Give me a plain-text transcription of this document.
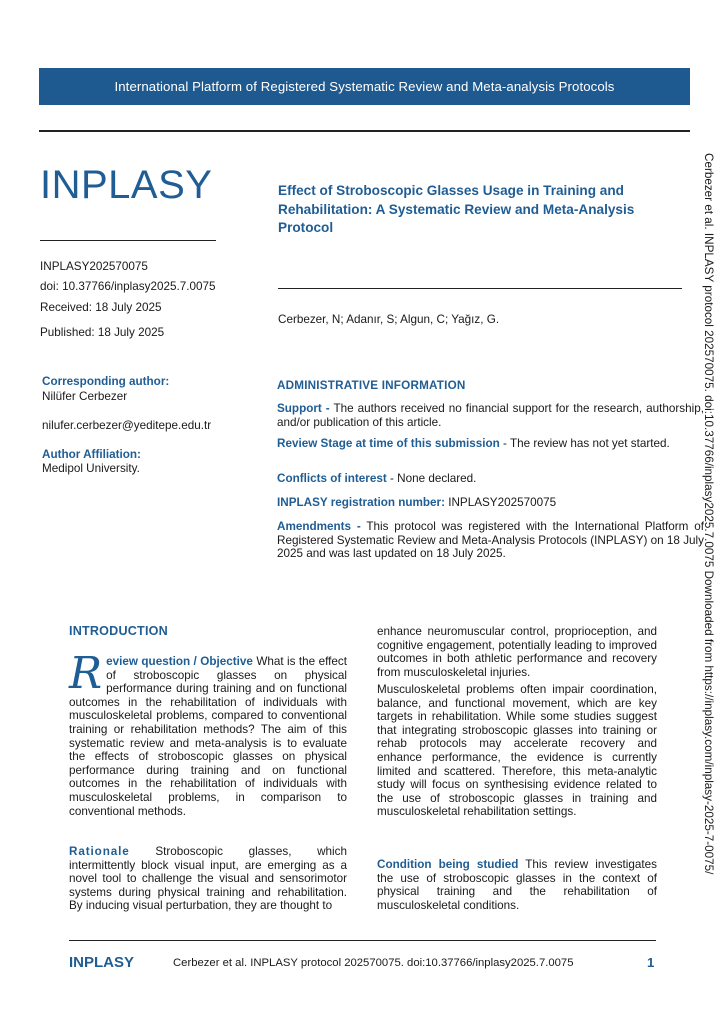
International Platform of Registered Systematic Review and Meta-analysis Protocols
INPLASY
INPLASY202570075
doi: 10.37766/inplasy2025.7.0075
Received: 18 July 2025
Published: 18 July 2025
Effect of Stroboscopic Glasses Usage in Training and Rehabilitation: A Systematic Review and Meta-Analysis Protocol
Cerbezer, N; Adanır, S; Algun, C; Yağız, G.
Corresponding author:
Nilüfer Cerbezer
nilufer.cerbezer@yeditepe.edu.tr
Author Affiliation:
Medipol University.
ADMINISTRATIVE INFORMATION
Support - The authors received no financial support for the research, authorship, and/or publication of this article.
Review Stage at time of this submission - The review has not yet started.
Conflicts of interest - None declared.
INPLASY registration number: INPLASY202570075
Amendments - This protocol was registered with the International Platform of Registered Systematic Review and Meta-Analysis Protocols (INPLASY) on 18 July 2025 and was last updated on 18 July 2025.
INTRODUCTION
Review question / Objective What is the effect of stroboscopic glasses on physical performance during training and on functional outcomes in the rehabilitation of individuals with musculoskeletal problems, compared to conventional training or rehabilitation methods? The aim of this systematic review and meta-analysis is to evaluate the effects of stroboscopic glasses on physical performance during training and on functional outcomes in the rehabilitation of individuals with musculoskeletal problems, in comparison to conventional methods.
Rationale Stroboscopic glasses, which intermittently block visual input, are emerging as a novel tool to challenge the visual and sensorimotor systems during physical training and rehabilitation. By inducing visual perturbation, they are thought to
enhance neuromuscular control, proprioception, and cognitive engagement, potentially leading to improved outcomes in both athletic performance and recovery from musculoskeletal injuries.
Musculoskeletal problems often impair coordination, balance, and functional movement, which are key targets in rehabilitation. While some studies suggest that integrating stroboscopic glasses into training or rehab protocols may accelerate recovery and enhance performance, the evidence is currently limited and scattered. Therefore, this meta-analytic study will focus on synthesising evidence related to the use of stroboscopic glasses in training and musculoskeletal rehabilitation settings.
Condition being studied This review investigates the use of stroboscopic glasses in the context of physical training and the rehabilitation of musculoskeletal conditions.
Cerbezer et al. INPLASY protocol 202570075. doi:10.37766/inplasy2025.7.0075 Downloaded from https://inplasy.com/inplasy-2025-7-0075/
INPLASY	Cerbezer et al. INPLASY protocol 202570075. doi:10.37766/inplasy2025.7.0075	1
